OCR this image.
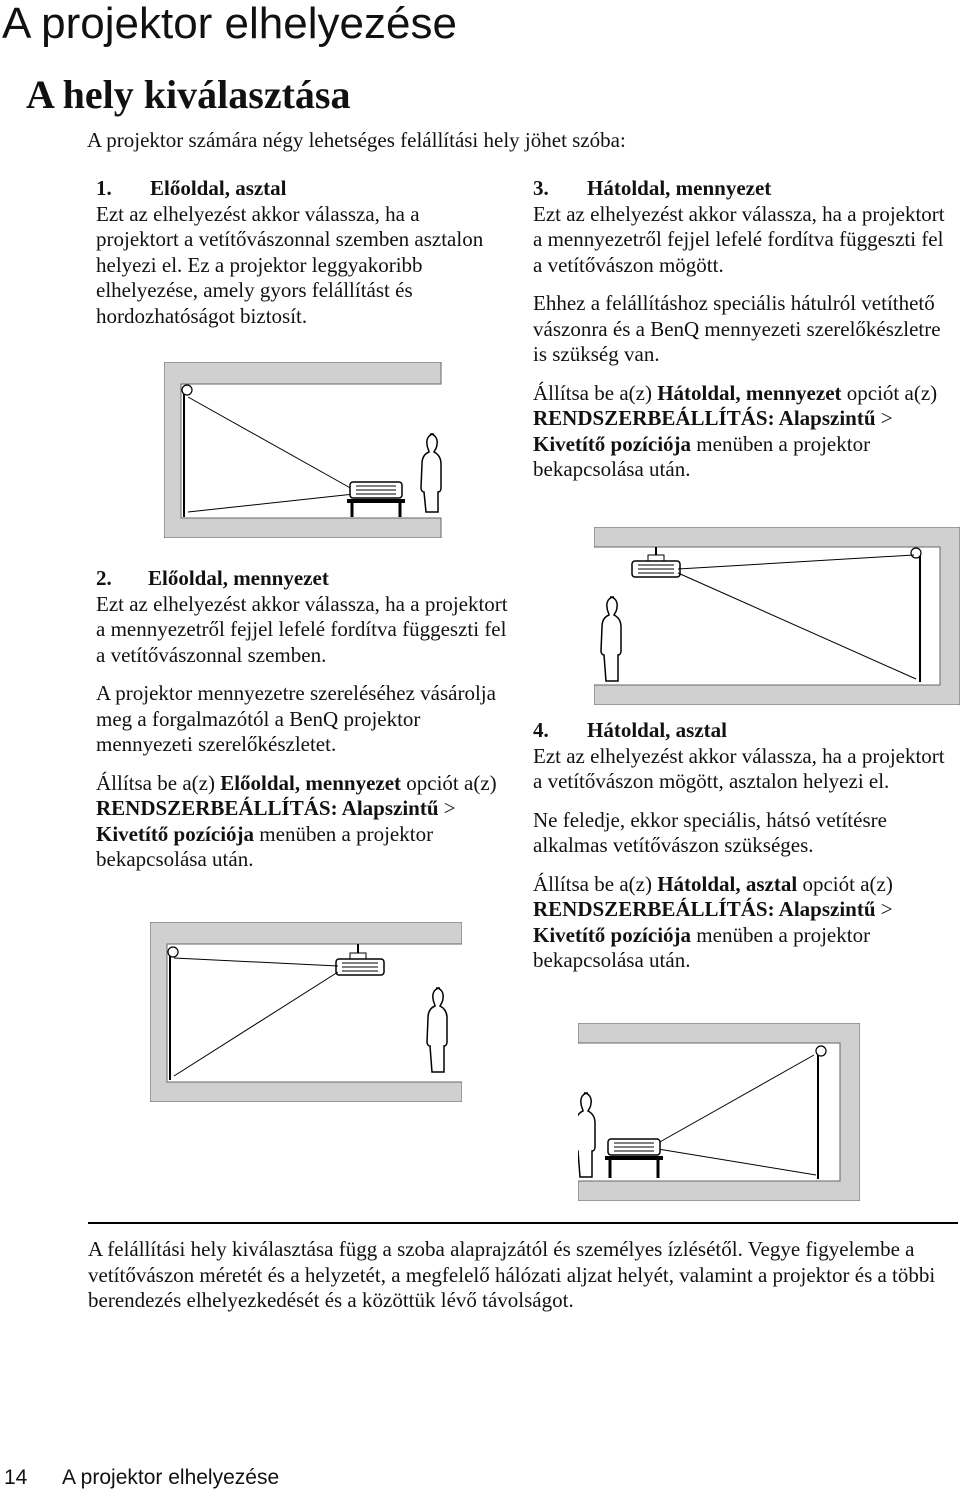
A projektor elhelyezése
A hely kiválasztása
A projektor számára négy lehetséges felállítási hely jöhet szóba:

1. Előoldal, asztal

Ezt az elhelyezést akkor válassza, ha a projektort a vetítővászonnal szemben asztalon helyezi el. Ez a projektor leggyakoribb elhelyezése, amely gyors felállítást és hordozhatóságot biztosít.

3. Hátoldal, mennyezet

Ezt az elhelyezést akkor válassza, ha a projektort a mennyezetről fejjel lefelé fordítva függeszti fel a vetítővászon mögött.

Ehhez a felállításhoz speciális hátulról vetíthető vászonra és a BenQ mennyezeti szerelőkészletre is szükség van.

Állítsa be a(z) Hátoldal, mennyezet opciót a(z) RENDSZERBEÁLLÍTÁS: Alapszintű > Kivetítő pozíciója menüben a projektor bekapcsolása után.

2. Előoldal, mennyezet

Ezt az elhelyezést akkor válassza, ha a projektort a mennyezetről fejjel lefelé fordítva függeszti fel a vetítővászonnal szemben.

A projektor mennyezetre szereléséhez vásárolja meg a forgalmazótól a BenQ projektor mennyezeti szerelőkészletet.

Állítsa be a(z) Előoldal, mennyezet opciót a(z) RENDSZERBEÁLLÍTÁS: Alapszintű > Kivetítő pozíciója menüben a projektor bekapcsolása után.

4. Hátoldal, asztal

Ezt az elhelyezést akkor válassza, ha a projektort a vetítővászon mögött, asztalon helyezi el.

Ne feledje, ekkor speciális, hátsó vetítésre alkalmas vetítővászon szükséges.

Állítsa be a(z) Hátoldal, asztal opciót a(z) RENDSZERBEÁLLÍTÁS: Alapszintű > Kivetítő pozíciója menüben a projektor bekapcsolása után.

A felállítási hely kiválasztása függ a szoba alaprajzától és személyes ízlésétől. Vegye figyelembe a vetítővászon méretét és a helyzetét, a megfelelő hálózati aljzat helyét, valamint a projektor és a többi berendezés elhelyezkedését és a közöttük lévő távolságot.
14 A projektor elhelyezése
